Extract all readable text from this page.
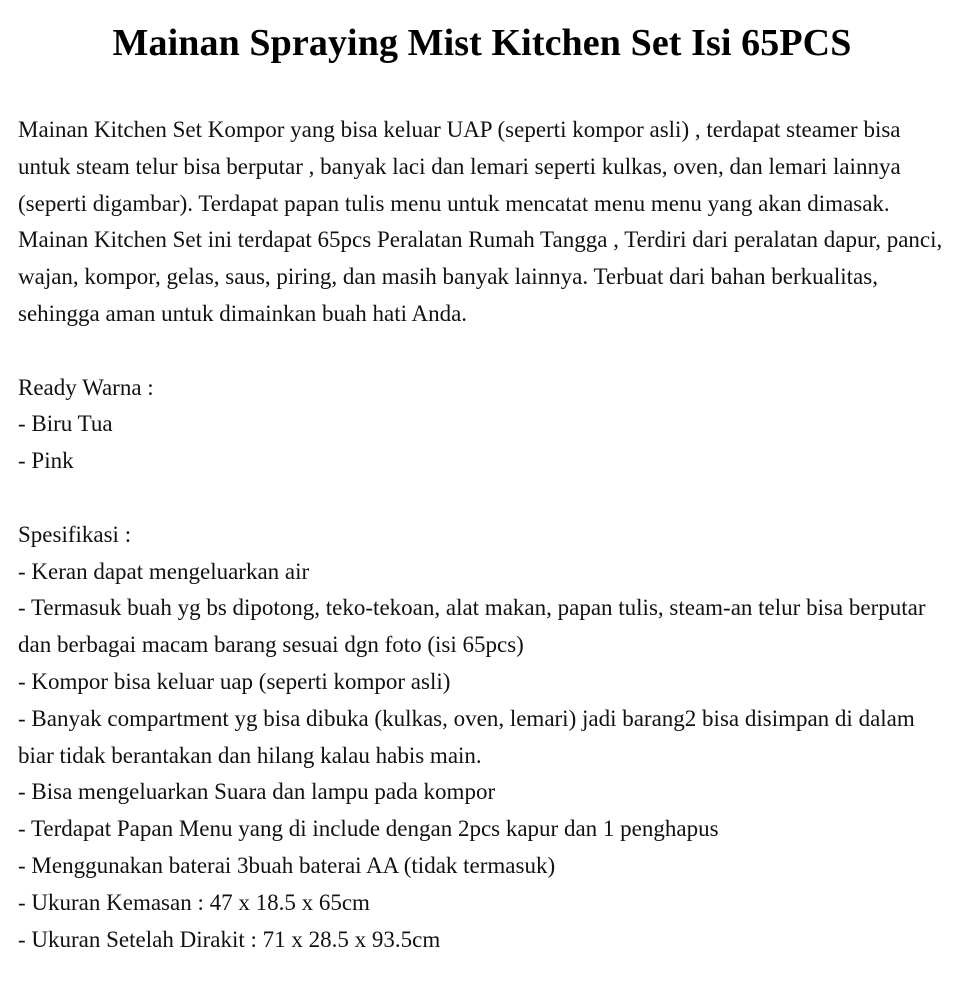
Mainan Spraying Mist Kitchen Set Isi 65PCS

Mainan Kitchen Set Kompor yang bisa keluar UAP (seperti kompor asli) , terdapat steamer bisa untuk steam telur bisa berputar , banyak laci dan lemari seperti kulkas, oven, dan lemari lainnya (seperti digambar). Terdapat papan tulis menu untuk mencatat menu menu yang akan dimasak. Mainan Kitchen Set ini terdapat 65pcs Peralatan Rumah Tangga , Terdiri dari peralatan dapur, panci, wajan, kompor, gelas, saus, piring, dan masih banyak lainnya. Terbuat dari bahan berkualitas, sehingga aman untuk dimainkan buah hati Anda.

Ready Warna :

- Biru Tua
- Pink

Spesifikasi :

- Keran dapat mengeluarkan air
- Termasuk buah yg bs dipotong, teko-tekoan, alat makan, papan tulis, steam-an telur bisa berputar dan berbagai macam barang sesuai dgn foto (isi 65pcs)
- Kompor bisa keluar uap (seperti kompor asli)
- Banyak compartment yg bisa dibuka (kulkas, oven, lemari) jadi barang2 bisa disimpan di dalam biar tidak berantakan dan hilang kalau habis main.
- Bisa mengeluarkan Suara dan lampu pada kompor
- Terdapat Papan Menu yang di include dengan 2pcs kapur dan 1 penghapus
- Menggunakan baterai 3buah baterai AA (tidak termasuk)
- Ukuran Kemasan : 47 x 18.5 x 65cm
- Ukuran Setelah Dirakit : 71 x 28.5 x 93.5cm
